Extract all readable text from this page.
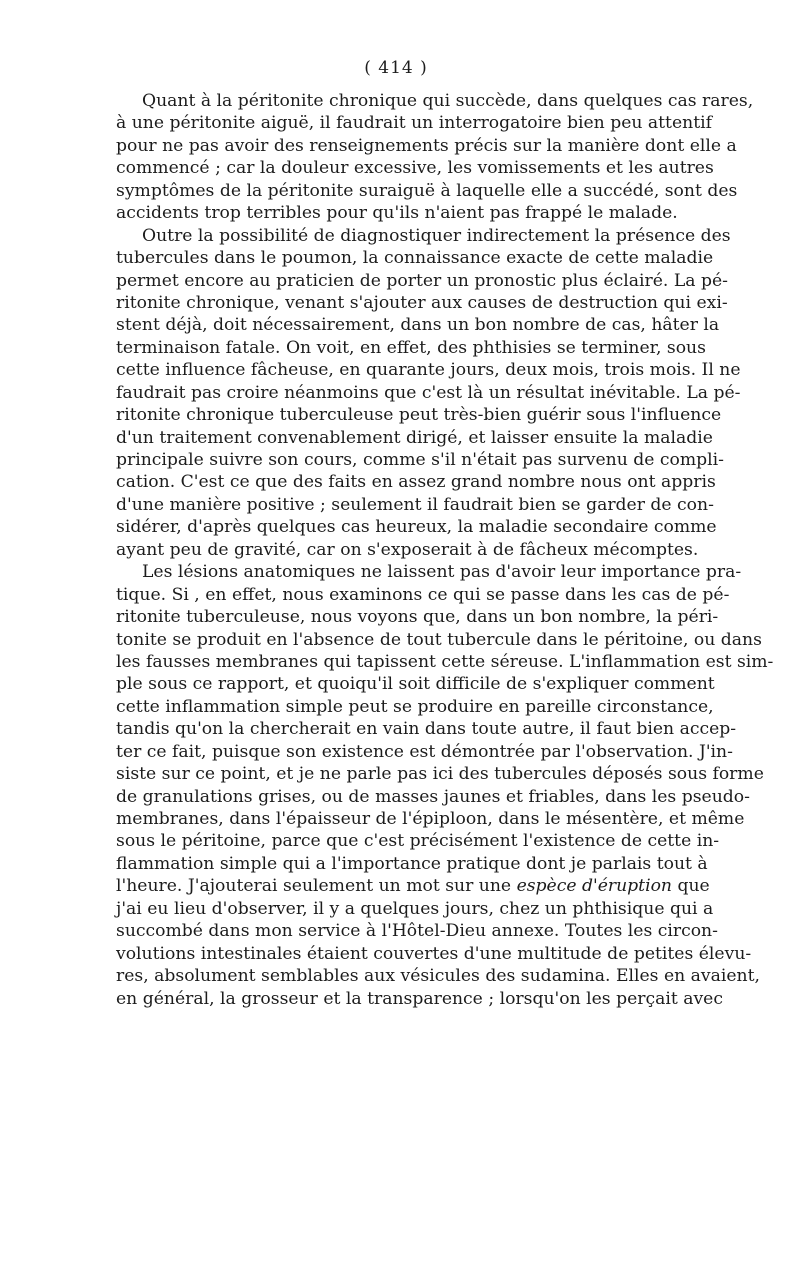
( 414 )
Quant à la péritonite chronique qui succède, dans quelques cas rares,
à une péritonite aiguë, il faudrait un interrogatoire bien peu attentif
pour ne pas avoir des renseignements précis sur la manière dont elle a
commencé ; car la douleur excessive, les vomissements et les autres
symptômes de la péritonite suraiguë à laquelle elle a succédé, sont des
accidents trop terribles pour qu'ils n'aient pas frappé le malade.
Outre la possibilité de diagnostiquer indirectement la présence des
tubercules dans le poumon, la connaissance exacte de cette maladie
permet encore au praticien de porter un pronostic plus éclairé. La pé-
ritonite chronique, venant s'ajouter aux causes de destruction qui exi-
stent déjà, doit nécessairement, dans un bon nombre de cas, hâter la
terminaison fatale. On voit, en effet, des phthisies se terminer, sous
cette influence fâcheuse, en quarante jours, deux mois, trois mois. Il ne
faudrait pas croire néanmoins que c'est là un résultat inévitable. La pé-
ritonite chronique tuberculeuse peut très-bien guérir sous l'influence
d'un traitement convenablement dirigé, et laisser ensuite la maladie
principale suivre son cours, comme s'il n'était pas survenu de compli-
cation. C'est ce que des faits en assez grand nombre nous ont appris
d'une manière positive ; seulement il faudrait bien se garder de con-
sidérer, d'après quelques cas heureux, la maladie secondaire comme
ayant peu de gravité, car on s'exposerait à de fâcheux mécomptes.
Les lésions anatomiques ne laissent pas d'avoir leur importance pra-
tique. Si , en effet, nous examinons ce qui se passe dans les cas de pé-
ritonite tuberculeuse, nous voyons que, dans un bon nombre, la péri-
tonite se produit en l'absence de tout tubercule dans le péritoine, ou dans
les fausses membranes qui tapissent cette séreuse. L'inflammation est sim-
ple sous ce rapport, et quoiqu'il soit difficile de s'expliquer comment
cette inflammation simple peut se produire en pareille circonstance,
tandis qu'on la chercherait en vain dans toute autre, il faut bien accep-
ter ce fait, puisque son existence est démontrée par l'observation. J'in-
siste sur ce point, et je ne parle pas ici des tubercules déposés sous forme
de granulations grises, ou de masses jaunes et friables, dans les pseudo-
membranes, dans l'épaisseur de l'épiploon, dans le mésentère, et même
sous le péritoine, parce que c'est précisément l'existence de cette in-
flammation simple qui a l'importance pratique dont je parlais tout à
l'heure. J'ajouterai seulement un mot sur une espèce d'éruption que
j'ai eu lieu d'observer, il y a quelques jours, chez un phthisique qui a
succombé dans mon service à l'Hôtel-Dieu annexe. Toutes les circon-
volutions intestinales étaient couvertes d'une multitude de petites élevu-
res, absolument semblables aux vésicules des sudamina. Elles en avaient,
en général, la grosseur et la transparence ; lorsqu'on les perçait avec
